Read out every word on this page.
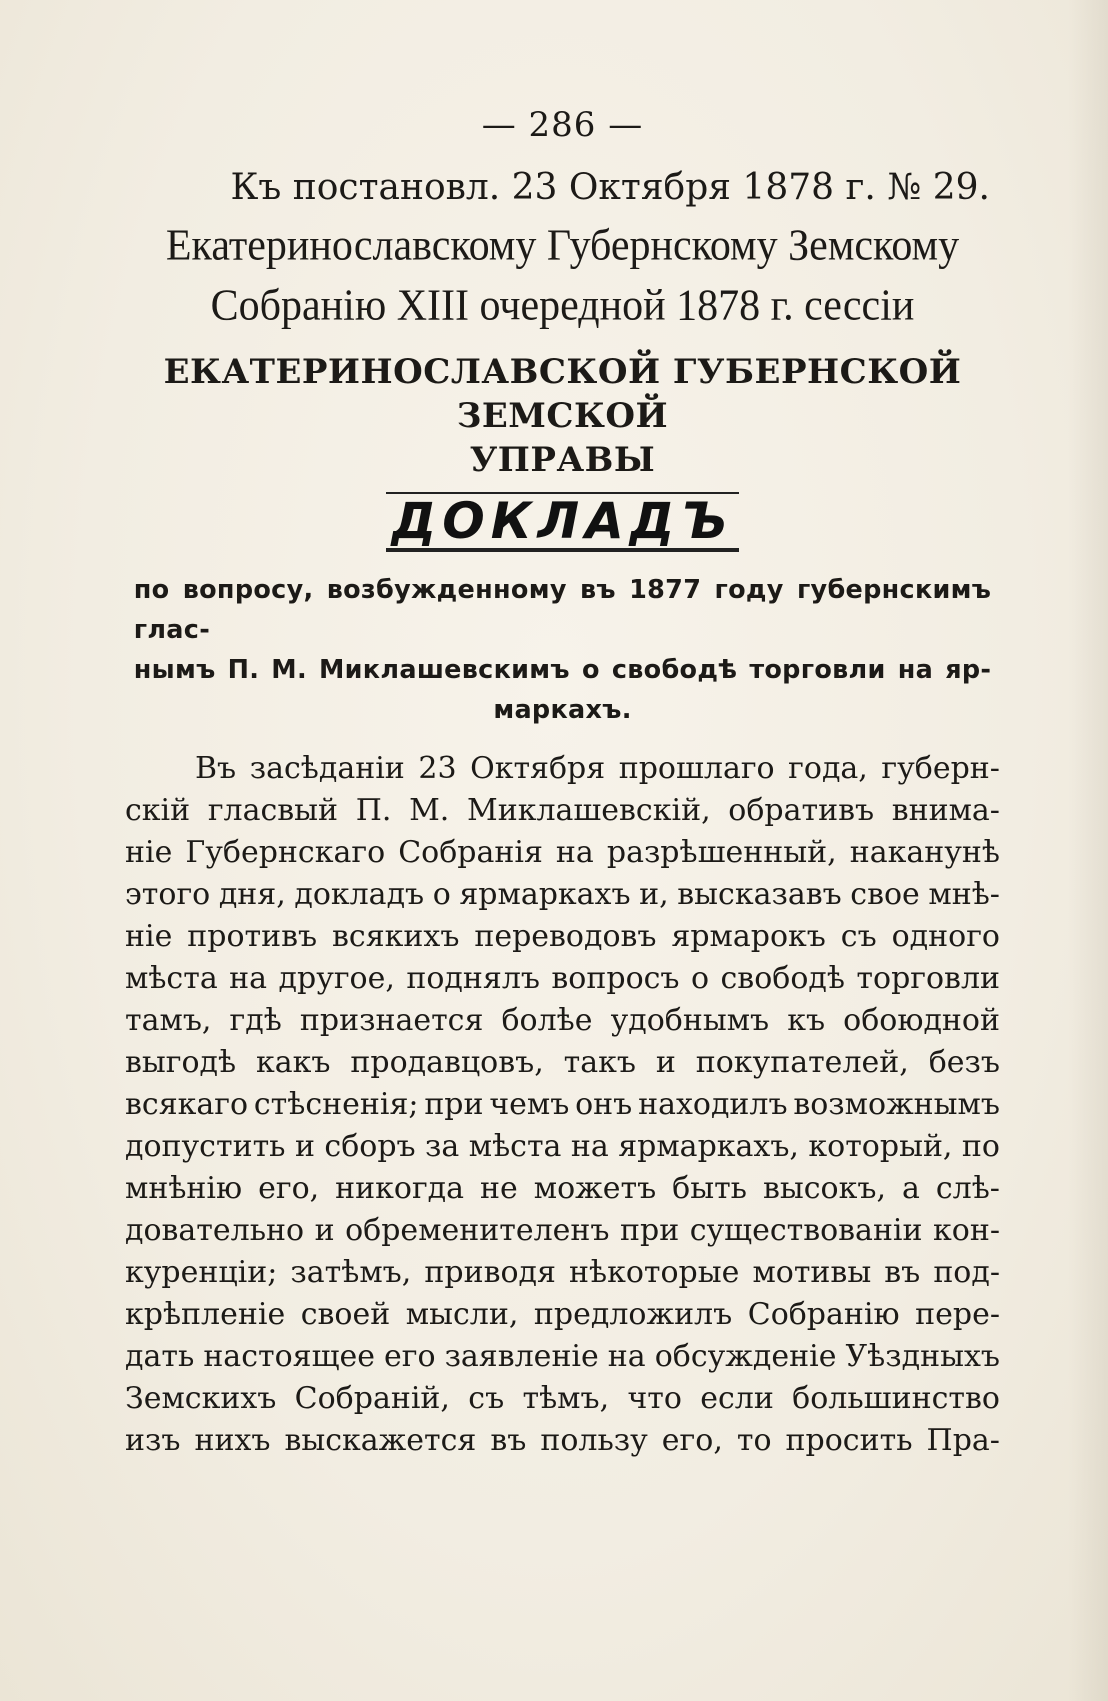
— 286 —
Къ постановл. 23 Октября 1878 г. № 29.
Екатеринославскому Губернскому Земскому
Собранію XIII очередной 1878 г. сессіи
ЕКАТЕРИНОСЛАВСКОЙ ГУБЕРНСКОЙ ЗЕМСКОЙ
УПРАВЫ
ДОКЛАДЪ
по вопросу, возбужденному въ 1877 году губернскимъ глас-
нымъ П. М. Миклашевскимъ о свободѣ торговли на яр-
маркахъ.
Въ засѣданіи 23 Октября прошлаго года, губерн-
скій гласвый П. М. Миклашевскій, обративъ внима-
ніе Губернскаго Собранія на разрѣшенный, наканунѣ
этого дня, докладъ о ярмаркахъ и, высказавъ свое мнѣ-
ніе противъ всякихъ переводовъ ярмарокъ съ одного
мѣста на другое, поднялъ вопросъ о свободѣ торговли
тамъ, гдѣ признается болѣе удобнымъ къ обоюдной
выгодѣ какъ продавцовъ, такъ и покупателей, безъ
всякаго стѣсненія; при чемъ онъ находилъ возможнымъ
допустить и сборъ за мѣста на ярмаркахъ, который, по
мнѣнію его, никогда не можетъ быть высокъ, а слѣ-
довательно и обременителенъ при существованіи кон-
куренціи; затѣмъ, приводя нѣкоторые мотивы въ под-
крѣпленіе своей мысли, предложилъ Собранію пере-
дать настоящее его заявленіе на обсужденіе Уѣздныхъ
Земскихъ Собраній, съ тѣмъ, что если большинство
изъ нихъ выскажется въ пользу его, то просить Пра-
